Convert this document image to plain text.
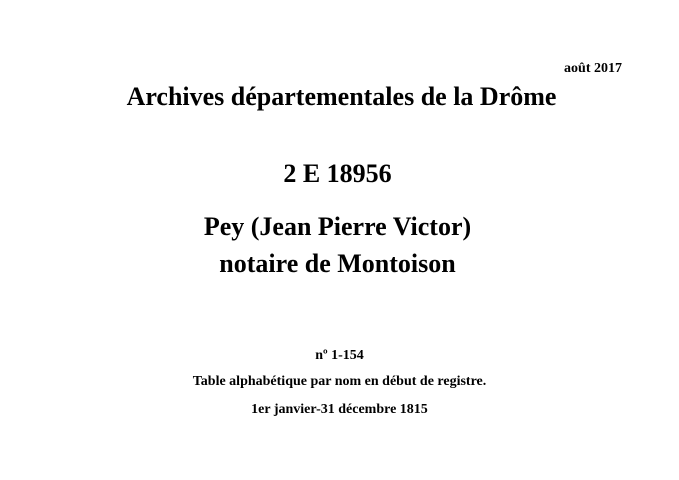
août 2017
Archives départementales de la Drôme
2 E 18956
Pey (Jean Pierre Victor)
notaire de Montoison
nº 1-154
Table alphabétique par nom en début de registre.
1er janvier-31 décembre 1815
